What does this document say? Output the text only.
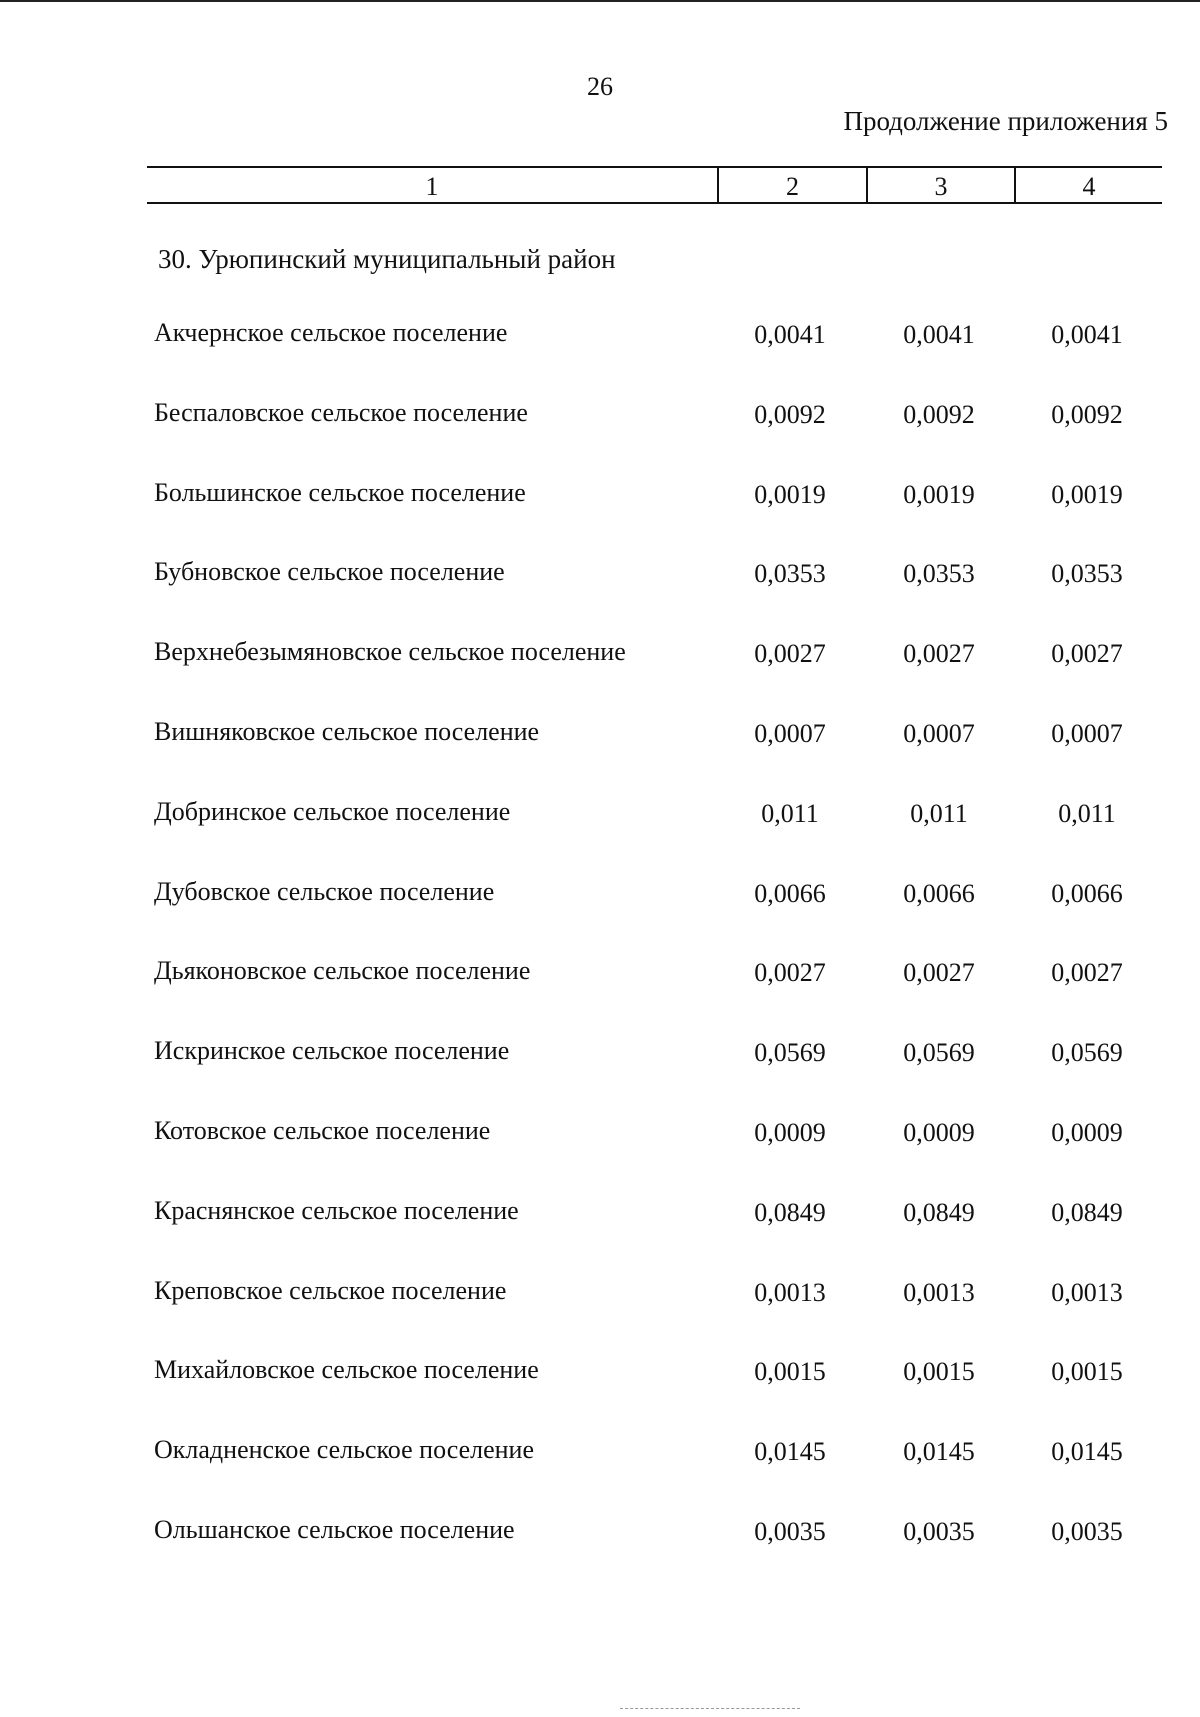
26
Продолжение приложения 5
1	2	3	4
30. Урюпинский муниципальный район
Акчернское сельское поселение	0,0041	0,0041	0,0041
Беспаловское сельское поселение	0,0092	0,0092	0,0092
Большинское сельское поселение	0,0019	0,0019	0,0019
Бубновское сельское поселение	0,0353	0,0353	0,0353
Верхнебезымяновское сельское поселение	0,0027	0,0027	0,0027
Вишняковское сельское поселение	0,0007	0,0007	0,0007
Добринское сельское поселение	0,011	0,011	0,011
Дубовское сельское поселение	0,0066	0,0066	0,0066
Дьяконовское сельское поселение	0,0027	0,0027	0,0027
Искринское сельское поселение	0,0569	0,0569	0,0569
Котовское сельское поселение	0,0009	0,0009	0,0009
Краснянское сельское поселение	0,0849	0,0849	0,0849
Креповское сельское поселение	0,0013	0,0013	0,0013
Михайловское сельское поселение	0,0015	0,0015	0,0015
Окладненское сельское поселение	0,0145	0,0145	0,0145
Ольшанское сельское поселение	0,0035	0,0035	0,0035
